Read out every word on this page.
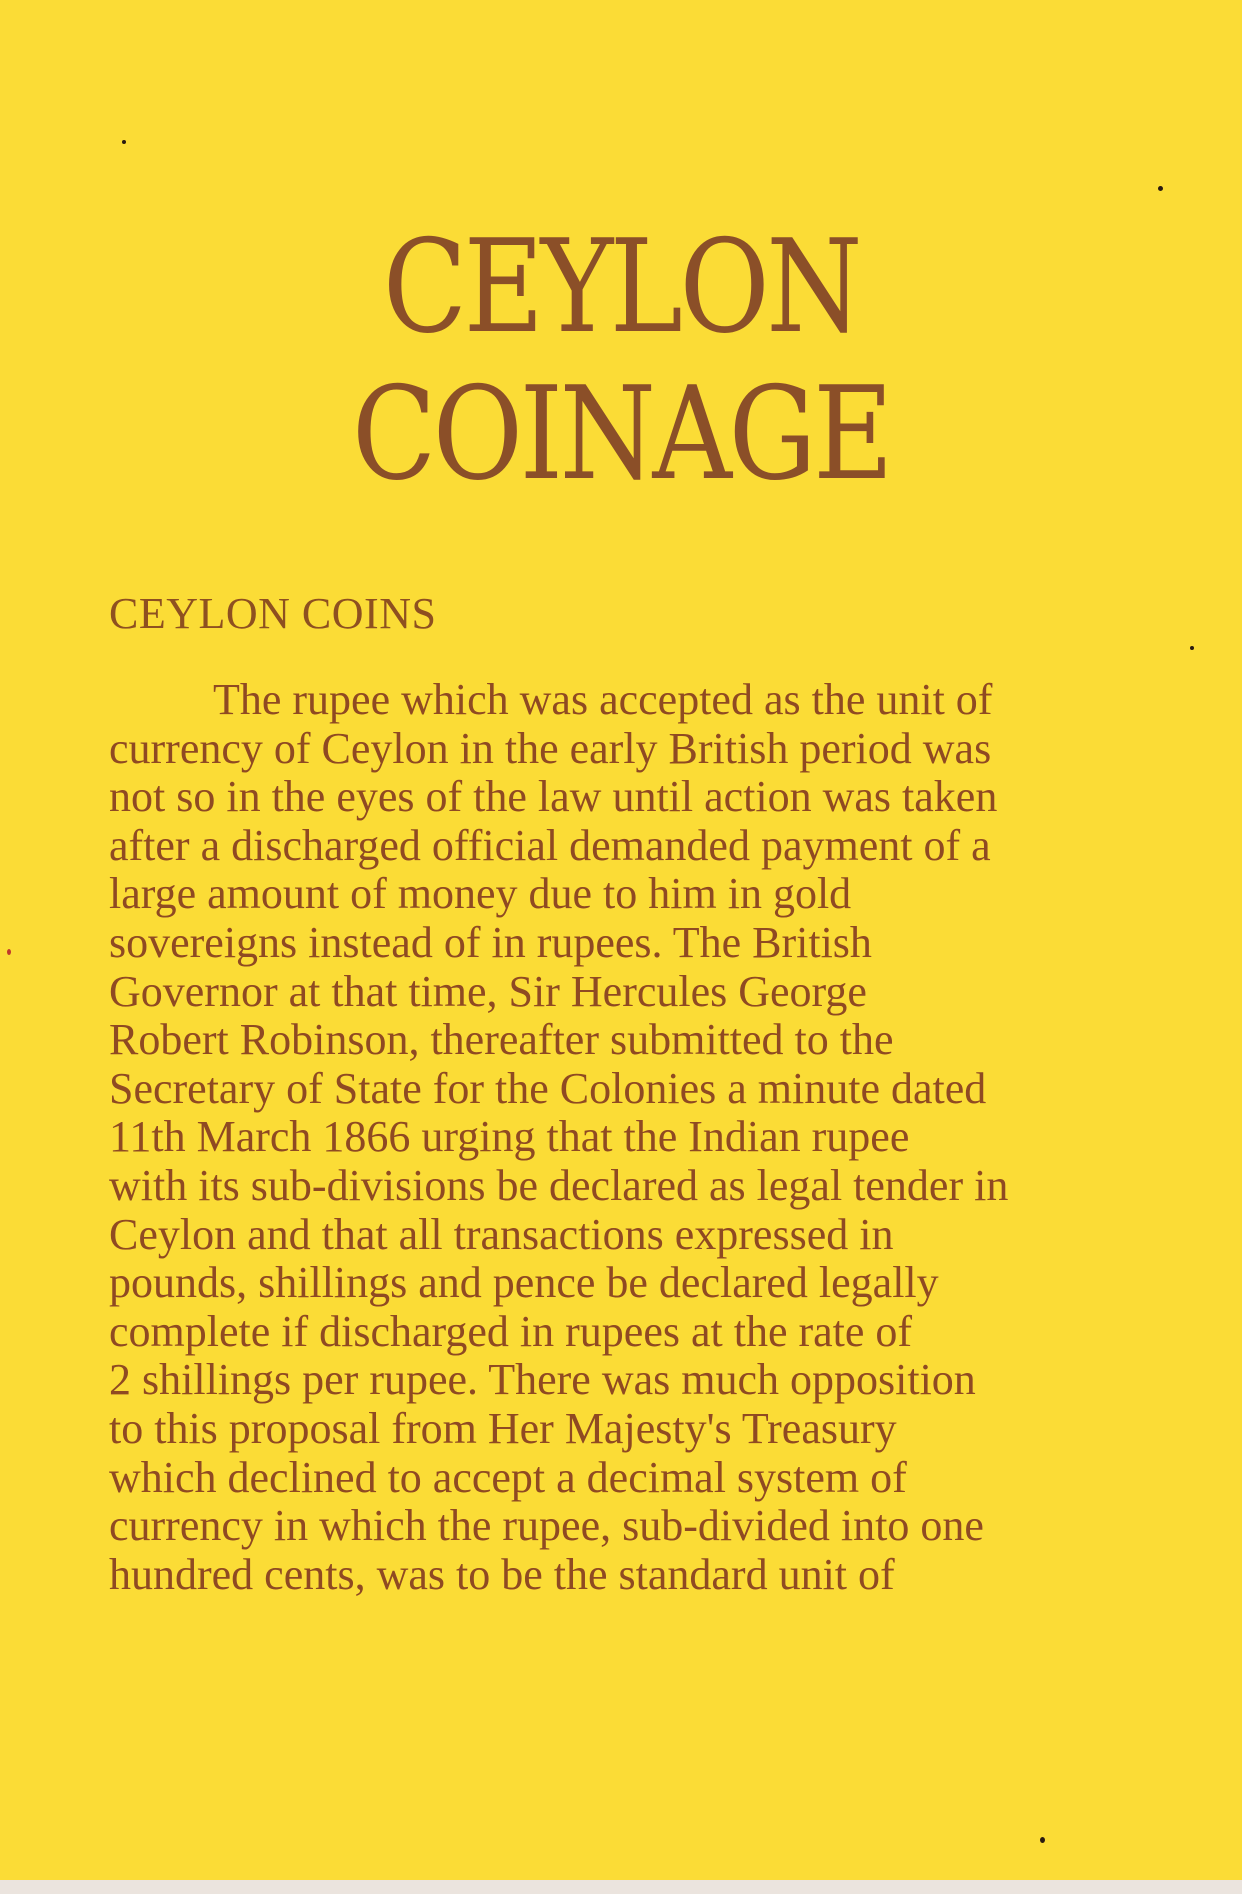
CEYLON
COINAGE
CEYLON COINS
The rupee which was accepted as the unit of
currency of Ceylon in the early British period was
not so in the eyes of the law until action was taken
after a discharged official demanded payment of a
large amount of money due to him in gold
sovereigns instead of in rupees. The British
Governor at that time, Sir Hercules George
Robert Robinson, thereafter submitted to the
Secretary of State for the Colonies a minute dated
11th March 1866 urging that the Indian rupee
with its sub-divisions be declared as legal tender in
Ceylon and that all transactions expressed in
pounds, shillings and pence be declared legally
complete if discharged in rupees at the rate of
2 shillings per rupee. There was much opposition
to this proposal from Her Majesty's Treasury
which declined to accept a decimal system of
currency in which the rupee, sub-divided into one
hundred cents, was to be the standard unit of
